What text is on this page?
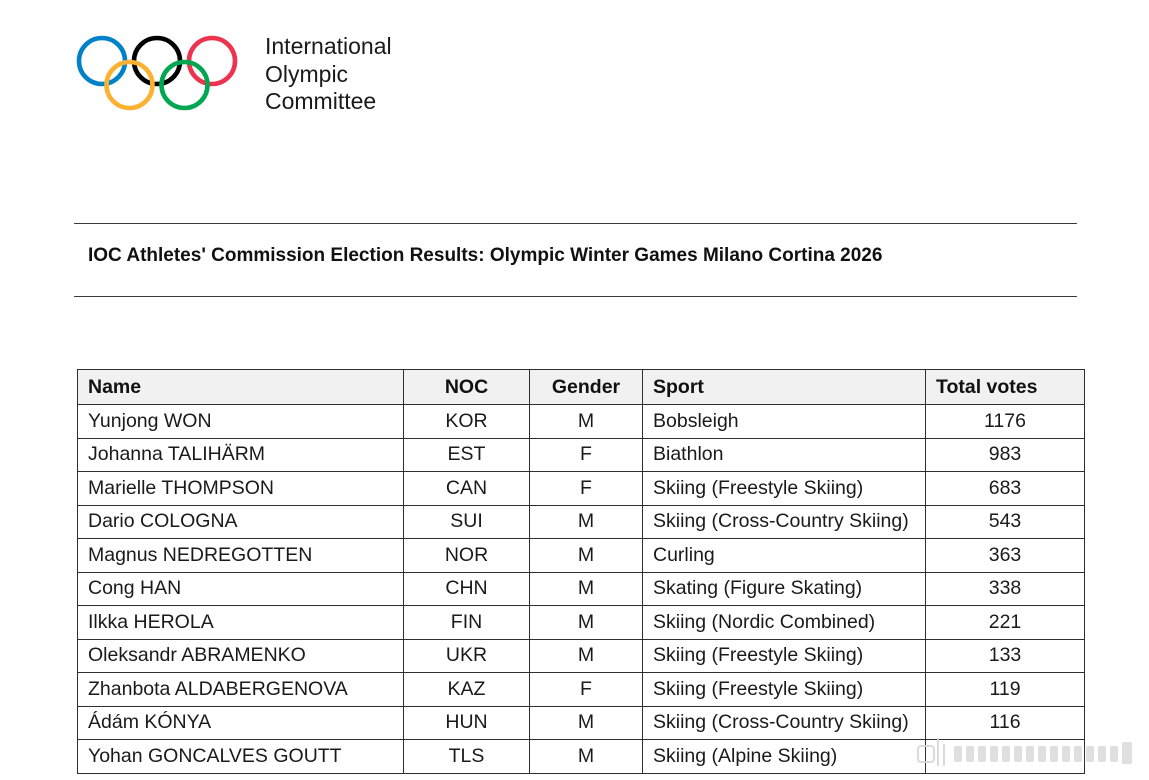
International
Olympic
Committee
IOC Athletes' Commission Election Results: Olympic Winter Games Milano Cortina 2026
Name	NOC	Gender	Sport	Total votes
Yunjong WON	KOR	M	Bobsleigh	1176
Johanna TALIHÄRM	EST	F	Biathlon	983
Marielle THOMPSON	CAN	F	Skiing (Freestyle Skiing)	683
Dario COLOGNA	SUI	M	Skiing (Cross-Country Skiing)	543
Magnus NEDREGOTTEN	NOR	M	Curling	363
Cong HAN	CHN	M	Skating (Figure Skating)	338
Ilkka HEROLA	FIN	M	Skiing (Nordic Combined)	221
Oleksandr ABRAMENKO	UKR	M	Skiing (Freestyle Skiing)	133
Zhanbota ALDABERGENOVA	KAZ	F	Skiing (Freestyle Skiing)	119
Ádám KÓNYA	HUN	M	Skiing (Cross-Country Skiing)	116
Yohan GONCALVES GOUTT	TLS	M	Skiing (Alpine Skiing)	
